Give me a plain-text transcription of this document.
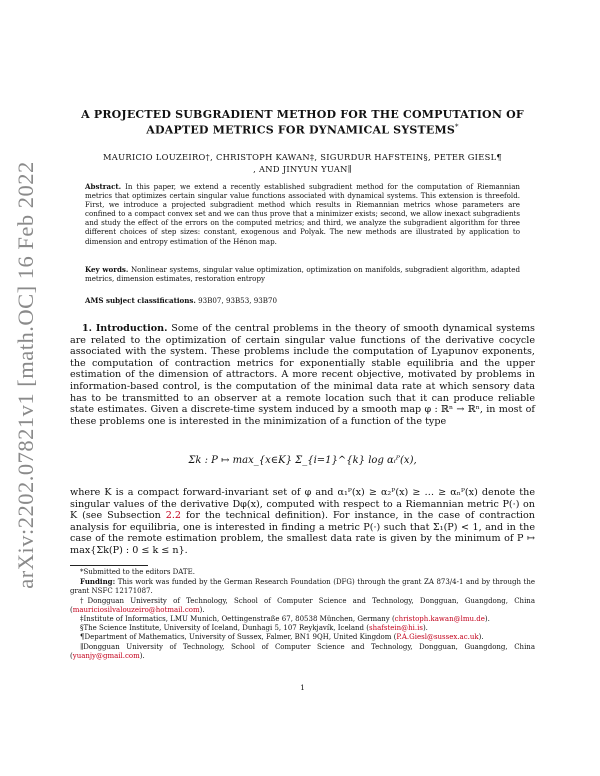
arXiv:2202.07821v1 [math.OC] 16 Feb 2022
A PROJECTED SUBGRADIENT METHOD FOR THE COMPUTATION OF ADAPTED METRICS FOR DYNAMICAL SYSTEMS*
MAURICIO LOUZEIRO†, CHRISTOPH KAWAN‡, SIGURDUR HAFSTEIN§, PETER GIESL¶
, AND JINYUN YUAN∥
Abstract. In this paper, we extend a recently established subgradient method for the computation of Riemannian metrics that optimizes certain singular value functions associated with dynamical systems. This extension is threefold. First, we introduce a projected subgradient method which results in Riemannian metrics whose parameters are confined to a compact convex set and we can thus prove that a minimizer exists; second, we allow inexact subgradients and study the effect of the errors on the computed metrics; and third, we analyze the subgradient algorithm for three different choices of step sizes: constant, exogenous and Polyak. The new methods are illustrated by application to dimension and entropy estimation of the Hénon map.
Key words. Nonlinear systems, singular value optimization, optimization on manifolds, subgradient algorithm, adapted metrics, dimension estimates, restoration entropy
AMS subject classifications. 93B07, 93B53, 93B70
1. Introduction. Some of the central problems in the theory of smooth dynamical systems are related to the optimization of certain singular value functions of the derivative cocycle associated with the system. These problems include the computation of Lyapunov exponents, the computation of contraction metrics for exponentially stable equilibria and the upper estimation of the dimension of attractors. A more recent objective, motivated by problems in information-based control, is the computation of the minimal data rate at which sensory data has to be transmitted to an observer at a remote location such that it can produce reliable state estimates. Given a discrete-time system induced by a smooth map φ : ℝⁿ → ℝⁿ, in most of these problems one is interested in the minimization of a function of the type
Σk : P ↦ max_{x∈K} Σ_{i=1}^{k} log αᵢᴾ(x),
where K is a compact forward-invariant set of φ and α₁ᴾ(x) ≥ α₂ᴾ(x) ≥ … ≥ αₙᴾ(x) denote the singular values of the derivative Dφ(x), computed with respect to a Riemannian metric P(·) on K (see Subsection 2.2 for the technical definition). For instance, in the case of contraction analysis for equilibria, one is interested in finding a metric P(·) such that Σ₁(P) < 1, and in the case of the remote estimation problem, the smallest data rate is given by the minimum of P ↦ max{Σk(P) : 0 ≤ k ≤ n}.

*Submitted to the editors DATE.

Funding: This work was funded by the German Research Foundation (DFG) through the grant ZA 873/4-1 and by through the grant NSFC 12171087.

†Dongguan University of Technology, School of Computer Science and Technology, Dongguan, Guangdong, China (mauriciosilvalouzeiro@hotmail.com).

‡Institute of Informatics, LMU Munich, Oettingenstraße 67, 80538 München, Germany (christoph.kawan@lmu.de).

§The Science Institute, University of Iceland, Dunhagi 5, 107 Reykjavík, Iceland (shafstein@hi.is).

¶Department of Mathematics, University of Sussex, Falmer, BN1 9QH, United Kingdom (P.A.Giesl@sussex.ac.uk).

∥Dongguan University of Technology, School of Computer Science and Technology, Dongguan, Guangdong, China (yuanjy@gmail.com).

1
